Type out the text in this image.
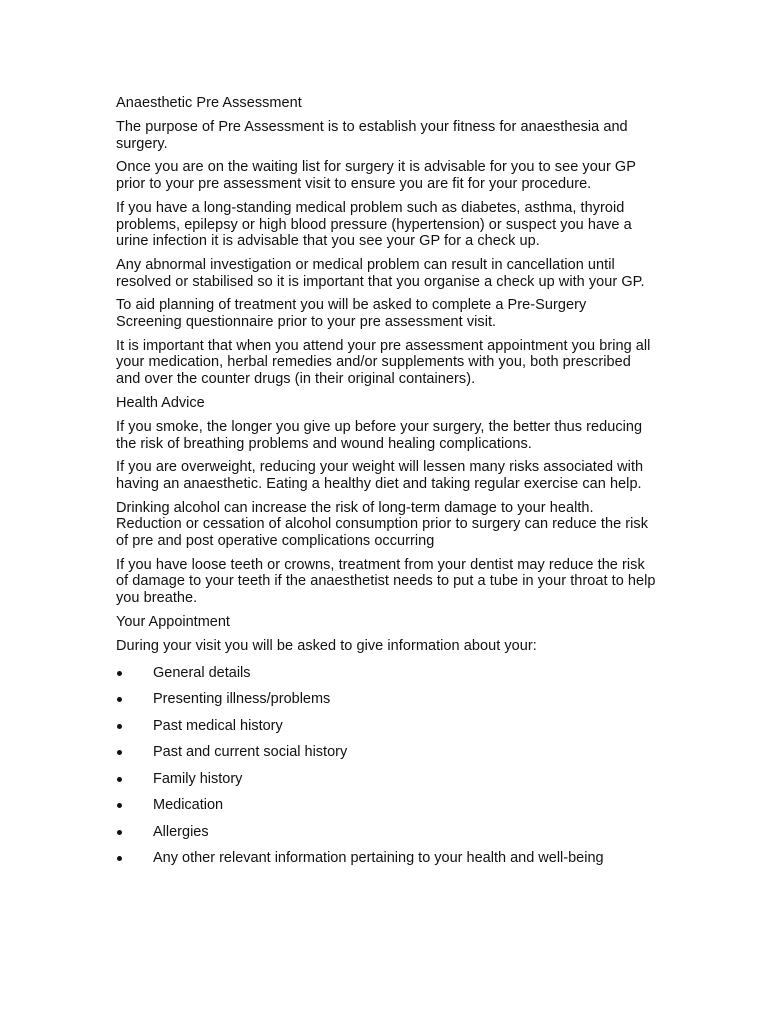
Anaesthetic Pre Assessment

The purpose of Pre Assessment is to establish your fitness for anaesthesia and surgery.

Once you are on the waiting list for surgery it is advisable for you to see your GP prior to your pre assessment visit to ensure you are fit for your procedure.

If you have a long-standing medical problem such as diabetes, asthma, thyroid problems, epilepsy or high blood pressure (hypertension) or suspect you have a urine infection it is advisable that you see your GP for a check up.

Any abnormal investigation or medical problem can result in cancellation until resolved or stabilised so it is important that you organise a check up with your GP.

To aid planning of treatment you will be asked to complete a Pre-Surgery Screening questionnaire prior to your pre assessment visit.

It is important that when you attend your pre assessment appointment you bring all your medication, herbal remedies and/or supplements with you, both prescribed and over the counter drugs (in their original containers).

Health Advice

If you smoke, the longer you give up before your surgery, the better thus reducing the risk of breathing problems and wound healing complications.

If you are overweight, reducing your weight will lessen many risks associated with having an anaesthetic. Eating a healthy diet and taking regular exercise can help.

Drinking alcohol can increase the risk of long-term damage to your health. Reduction or cessation of alcohol consumption prior to surgery can reduce the risk of pre and post operative complications occurring

If you have loose teeth or crowns, treatment from your dentist may reduce the risk of damage to your teeth if the anaesthetist needs to put a tube in your throat to help you breathe.

Your Appointment

During your visit you will be asked to give information about your:

General details
Presenting illness/problems
Past medical history
Past and current social history
Family history
Medication
Allergies
Any other relevant information pertaining to your health and well-being
